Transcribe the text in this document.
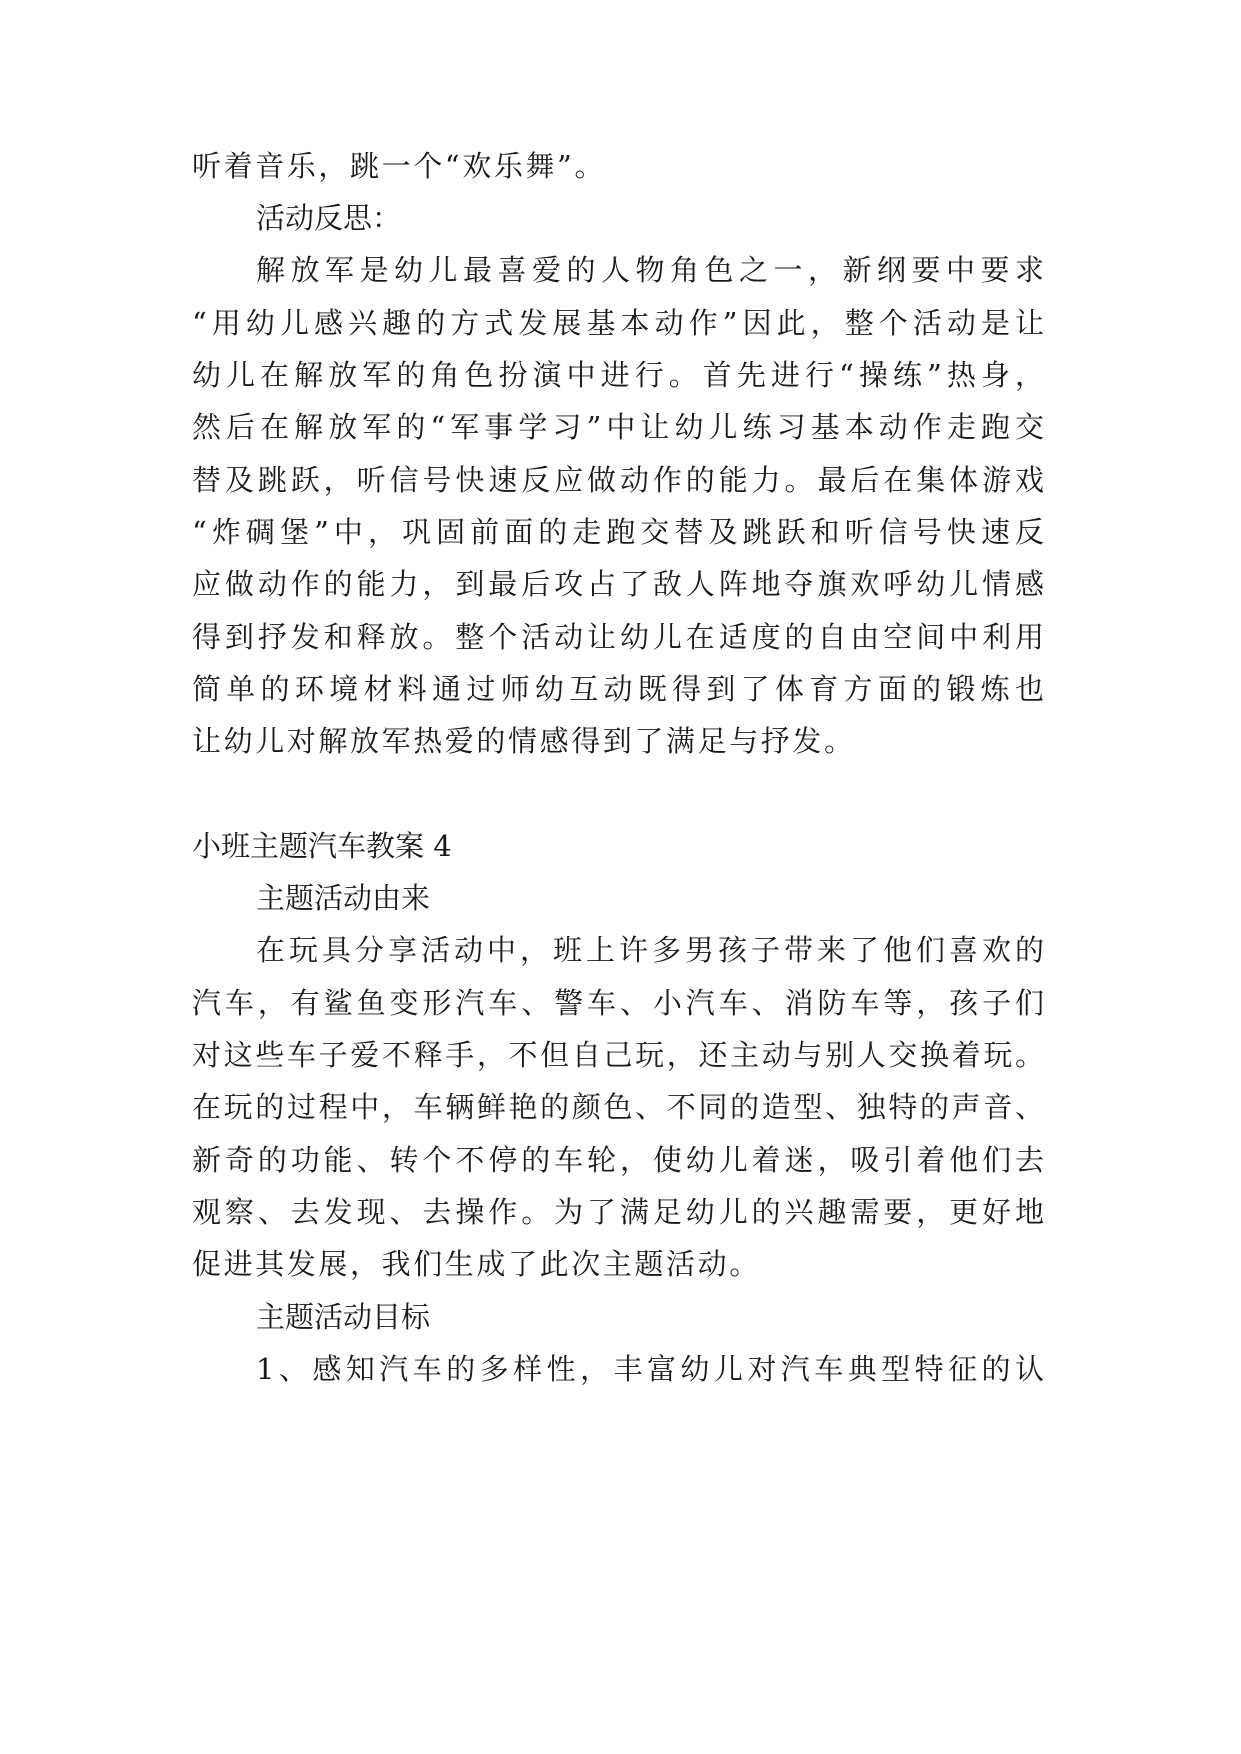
听着音乐，跳一个“欢乐舞”。
活动反思：
解放军是幼儿最喜爱的人物角色之一，新纲要中要求
“用幼儿感兴趣的方式发展基本动作”因此，整个活动是让
幼儿在解放军的角色扮演中进行。首先进行“操练”热身，
然后在解放军的“军事学习”中让幼儿练习基本动作走跑交
替及跳跃，听信号快速反应做动作的能力。最后在集体游戏
“炸碉堡”中，巩固前面的走跑交替及跳跃和听信号快速反
应做动作的能力，到最后攻占了敌人阵地夺旗欢呼幼儿情感
得到抒发和释放。整个活动让幼儿在适度的自由空间中利用
简单的环境材料通过师幼互动既得到了体育方面的锻炼也
让幼儿对解放军热爱的情感得到了满足与抒发。
小班主题汽车教案 4
主题活动由来
在玩具分享活动中，班上许多男孩子带来了他们喜欢的
汽车，有鲨鱼变形汽车、警车、小汽车、消防车等，孩子们
对这些车子爱不释手，不但自己玩，还主动与别人交换着玩。
在玩的过程中，车辆鲜艳的颜色、不同的造型、独特的声音、
新奇的功能、转个不停的车轮，使幼儿着迷，吸引着他们去
观察、去发现、去操作。为了满足幼儿的兴趣需要，更好地
促进其发展，我们生成了此次主题活动。
主题活动目标
1、感知汽车的多样性，丰富幼儿对汽车典型特征的认
